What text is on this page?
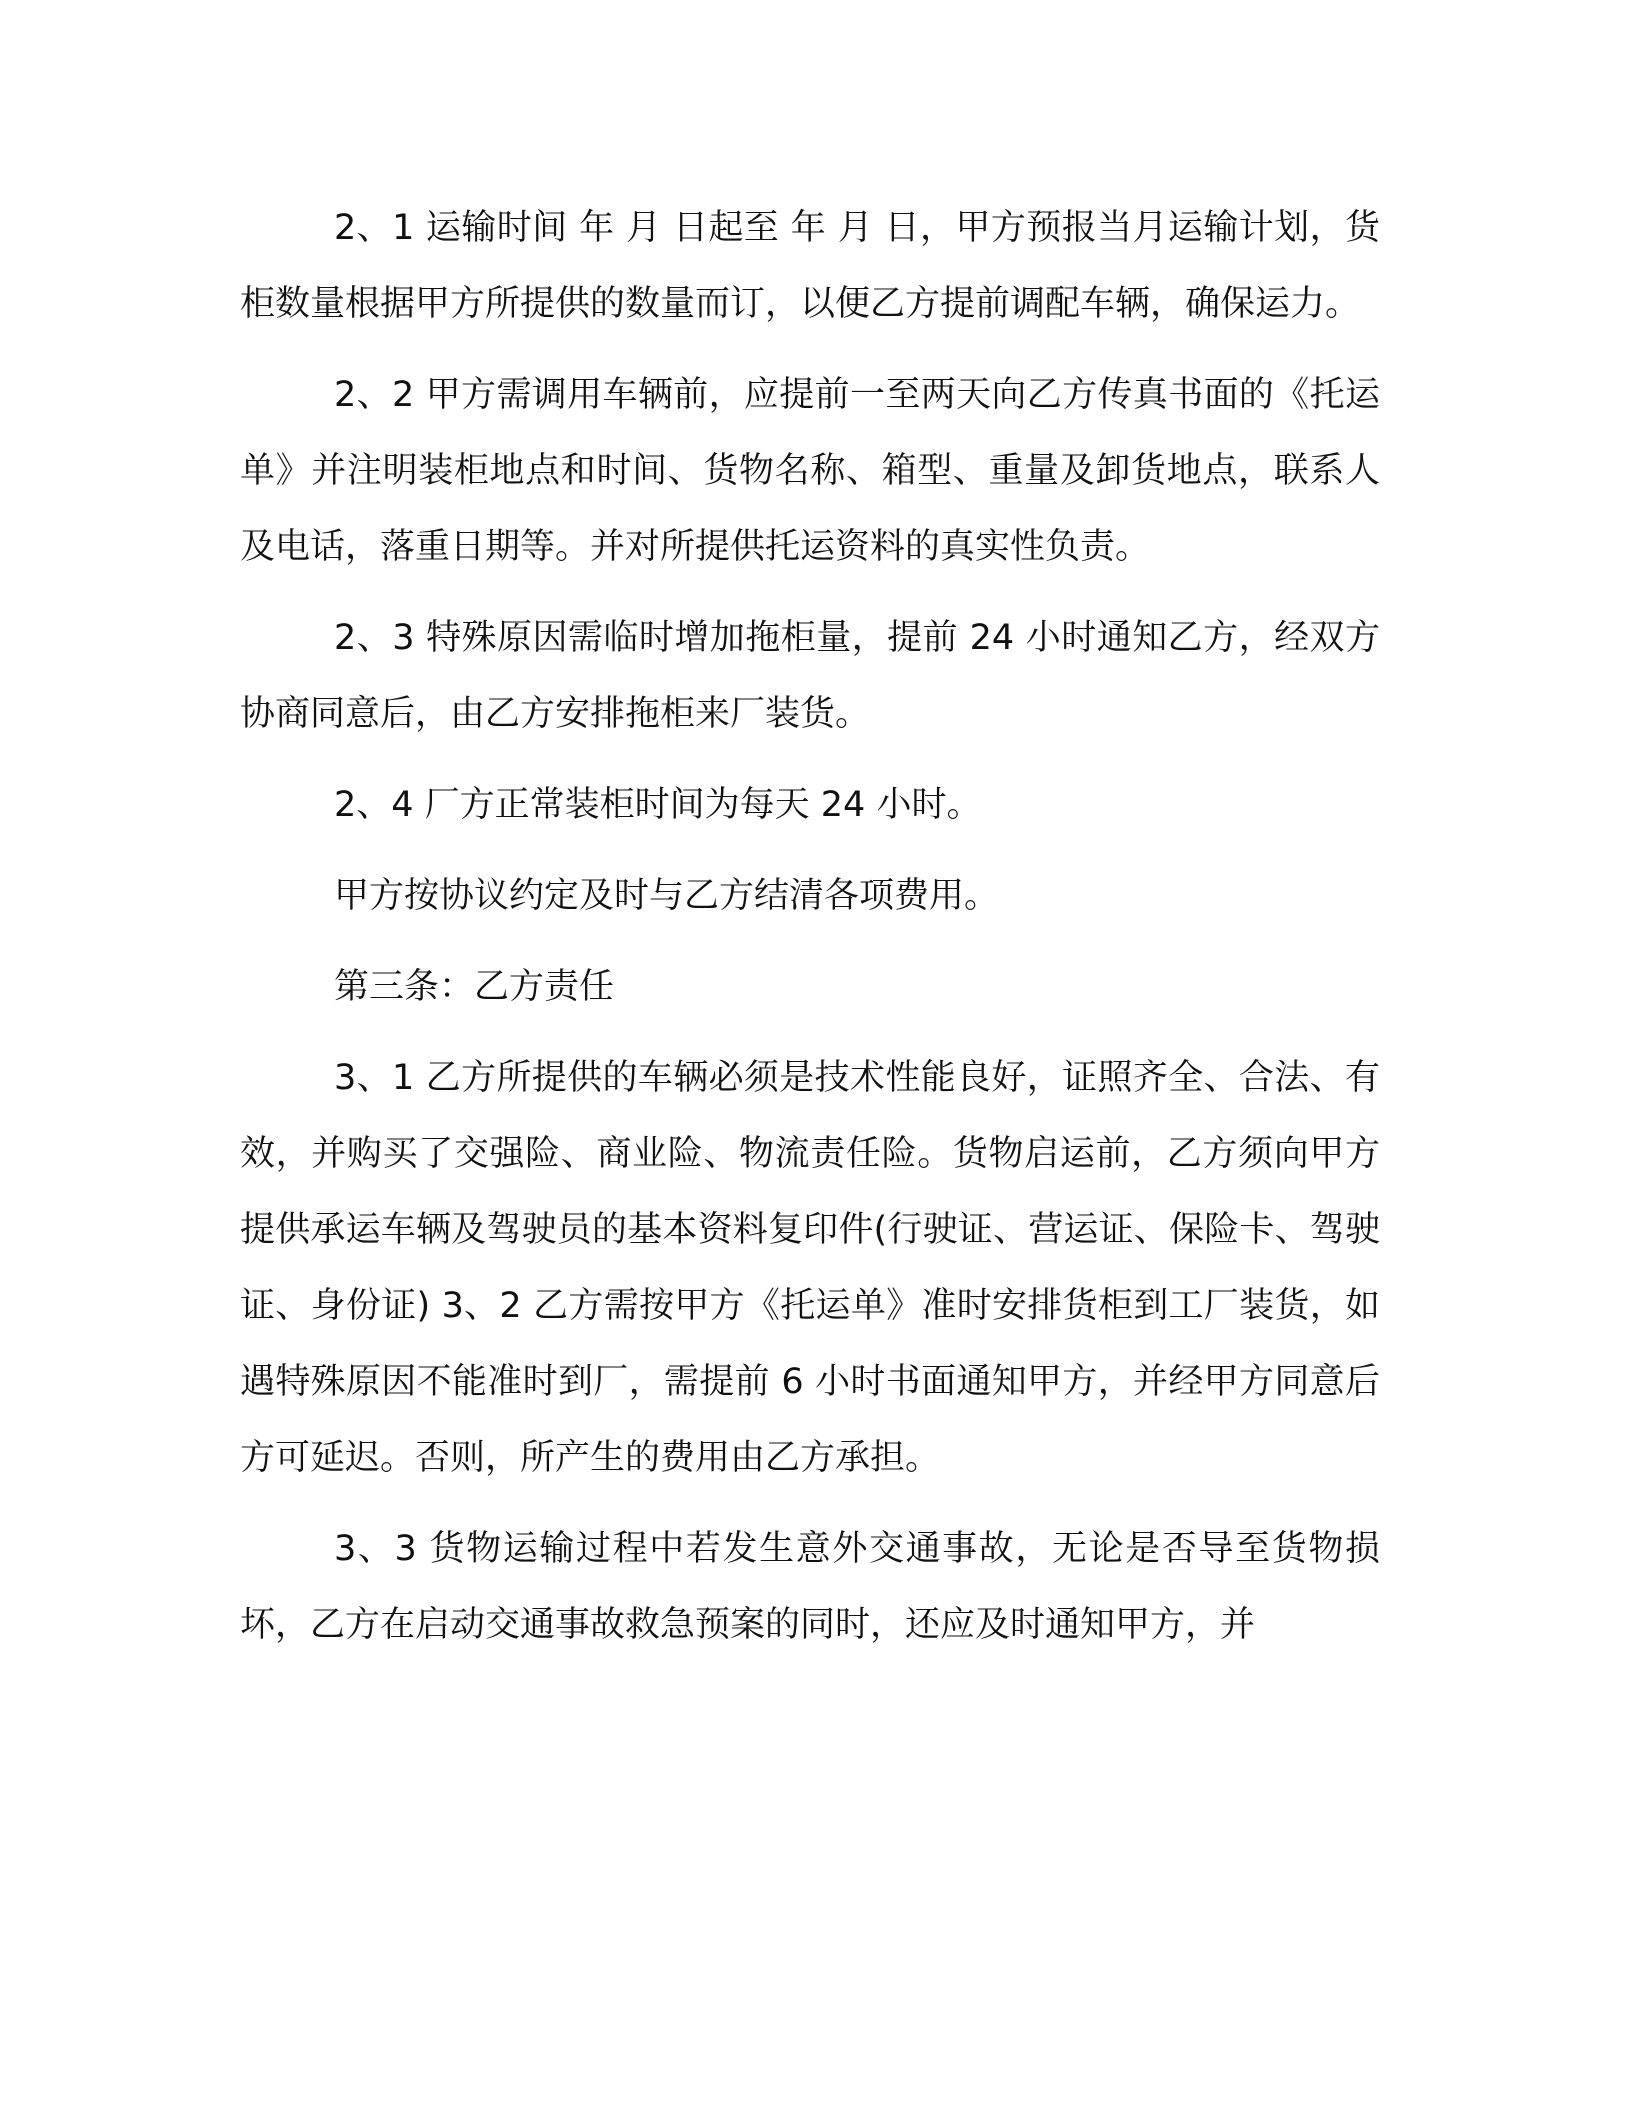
2、1 运输时间 年 月 日起至 年 月 日，甲方预报当月运输计划，货柜数量根据甲方所提供的数量而订，以便乙方提前调配车辆，确保运力。

2、2 甲方需调用车辆前，应提前一至两天向乙方传真书面的《托运单》并注明装柜地点和时间、货物名称、箱型、重量及卸货地点，联系人及电话，落重日期等。并对所提供托运资料的真实性负责。

2、3 特殊原因需临时增加拖柜量，提前 24 小时通知乙方，经双方协商同意后，由乙方安排拖柜来厂装货。

2、4 厂方正常装柜时间为每天 24 小时。

甲方按协议约定及时与乙方结清各项费用。

第三条：乙方责任

3、1 乙方所提供的车辆必须是技术性能良好，证照齐全、合法、有效，并购买了交强险、商业险、物流责任险。货物启运前，乙方须向甲方提供承运车辆及驾驶员的基本资料复印件(行驶证、营运证、保险卡、驾驶证、身份证) 3、2 乙方需按甲方《托运单》准时安排货柜到工厂装货，如遇特殊原因不能准时到厂，需提前 6 小时书面通知甲方，并经甲方同意后方可延迟。否则，所产生的费用由乙方承担。

3、3 货物运输过程中若发生意外交通事故，无论是否导至货物损坏，乙方在启动交通事故救急预案的同时，还应及时通知甲方，并
